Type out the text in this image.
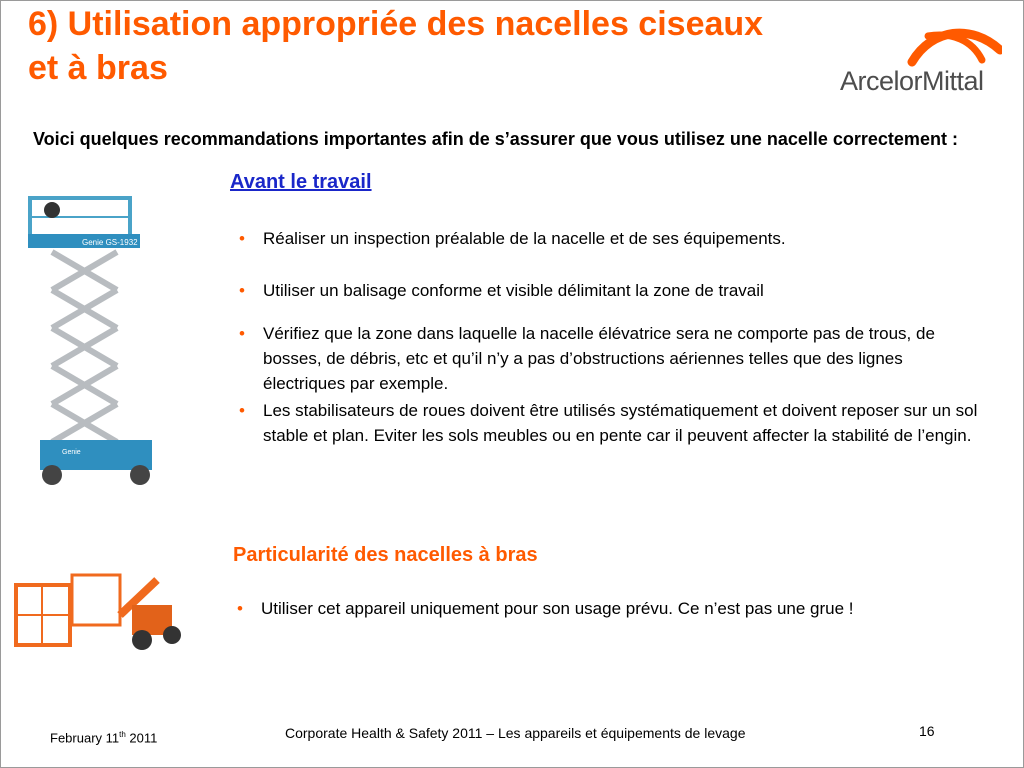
6) Utilisation appropriée des nacelles ciseaux et à bras	ArcelorMittal
Voici quelques recommandations importantes afin de s’assurer que vous utilisez une nacelle correctement :
Genie GS-1932
Genie
Avant le travail
• Réaliser un inspection préalable de la nacelle et de ses équipements.
• Utiliser un balisage conforme et visible délimitant la zone de travail
• Vérifiez que la zone dans laquelle la nacelle élévatrice sera ne comporte pas de trous, de bosses, de débris, etc et qu’il n’y a pas d’obstructions aériennes telles que des lignes électriques par exemple.
• Les stabilisateurs de roues doivent être utilisés systématiquement et doivent reposer sur un sol stable et plan. Eviter les sols meubles ou en pente car il peuvent affecter la stabilité de l’engin.
Particularité des nacelles à bras
• Utiliser cet appareil uniquement pour son usage prévu. Ce n’est pas une grue !
February 11th 2011	Corporate Health & Safety 2011 – Les appareils et équipements de levage	16
